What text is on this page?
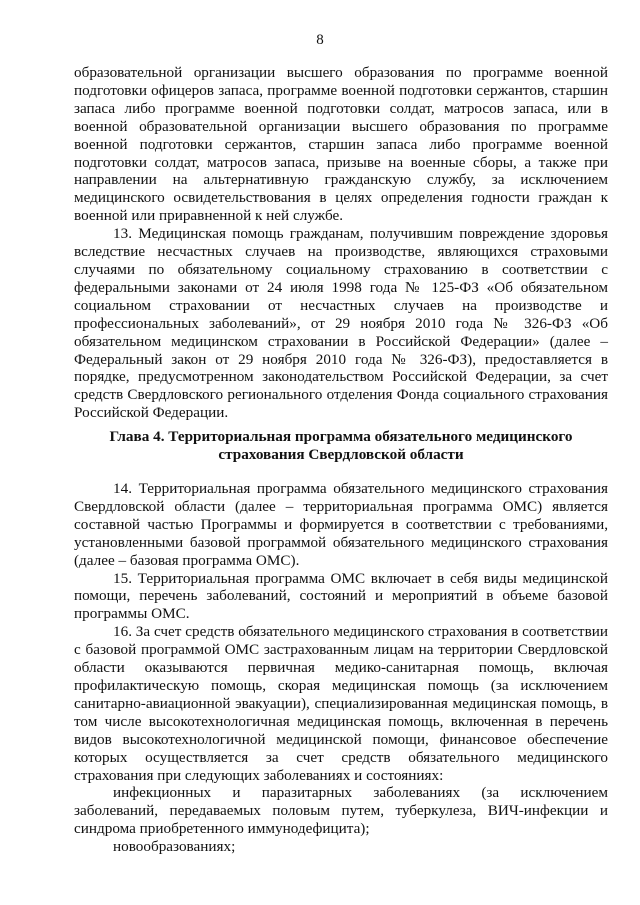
8

образовательной организации высшего образования по программе военной подготовки офицеров запаса, программе военной подготовки сержантов, старшин запаса либо программе военной подготовки солдат, матросов запаса, или в военной образовательной организации высшего образования по программе военной подготовки сержантов, старшин запаса либо программе военной подготовки солдат, матросов запаса, призыве на военные сборы, а также при направлении на альтернативную гражданскую службу, за исключением медицинского освидетельствования в целях определения годности граждан к военной или приравненной к ней службе.

13. Медицинская помощь гражданам, получившим повреждение здоровья вследствие несчастных случаев на производстве, являющихся страховыми случаями по обязательному социальному страхованию в соответствии с федеральными законами от 24 июля 1998 года № 125-ФЗ «Об обязательном социальном страховании от несчастных случаев на производстве и профессиональных заболеваний», от 29 ноября 2010 года № 326-ФЗ «Об обязательном медицинском страховании в Российской Федерации» (далее – Федеральный закон от 29 ноября 2010 года № 326-ФЗ), предоставляется в порядке, предусмотренном законодательством Российской Федерации, за счет средств Свердловского регионального отделения Фонда социального страхования Российской Федерации.

Глава 4. Территориальная программа обязательного медицинского
страхования Свердловской области

14. Территориальная программа обязательного медицинского страхования Свердловской области (далее – территориальная программа ОМС) является составной частью Программы и формируется в соответствии с требованиями, установленными базовой программой обязательного медицинского страхования (далее – базовая программа ОМС).

15. Территориальная программа ОМС включает в себя виды медицинской помощи, перечень заболеваний, состояний и мероприятий в объеме базовой программы ОМС.

16. За счет средств обязательного медицинского страхования в соответствии с базовой программой ОМС застрахованным лицам на территории Свердловской области оказываются первичная медико-санитарная помощь, включая профилактическую помощь, скорая медицинская помощь (за исключением санитарно-авиационной эвакуации), специализированная медицинская помощь, в том числе высокотехнологичная медицинская помощь, включенная в перечень видов высокотехнологичной медицинской помощи, финансовое обеспечение которых осуществляется за счет средств обязательного медицинского страхования при следующих заболеваниях и состояниях:

инфекционных и паразитарных заболеваниях (за исключением заболеваний, передаваемых половым путем, туберкулеза, ВИЧ-инфекции и синдрома приобретенного иммунодефицита);

новообразованиях;
